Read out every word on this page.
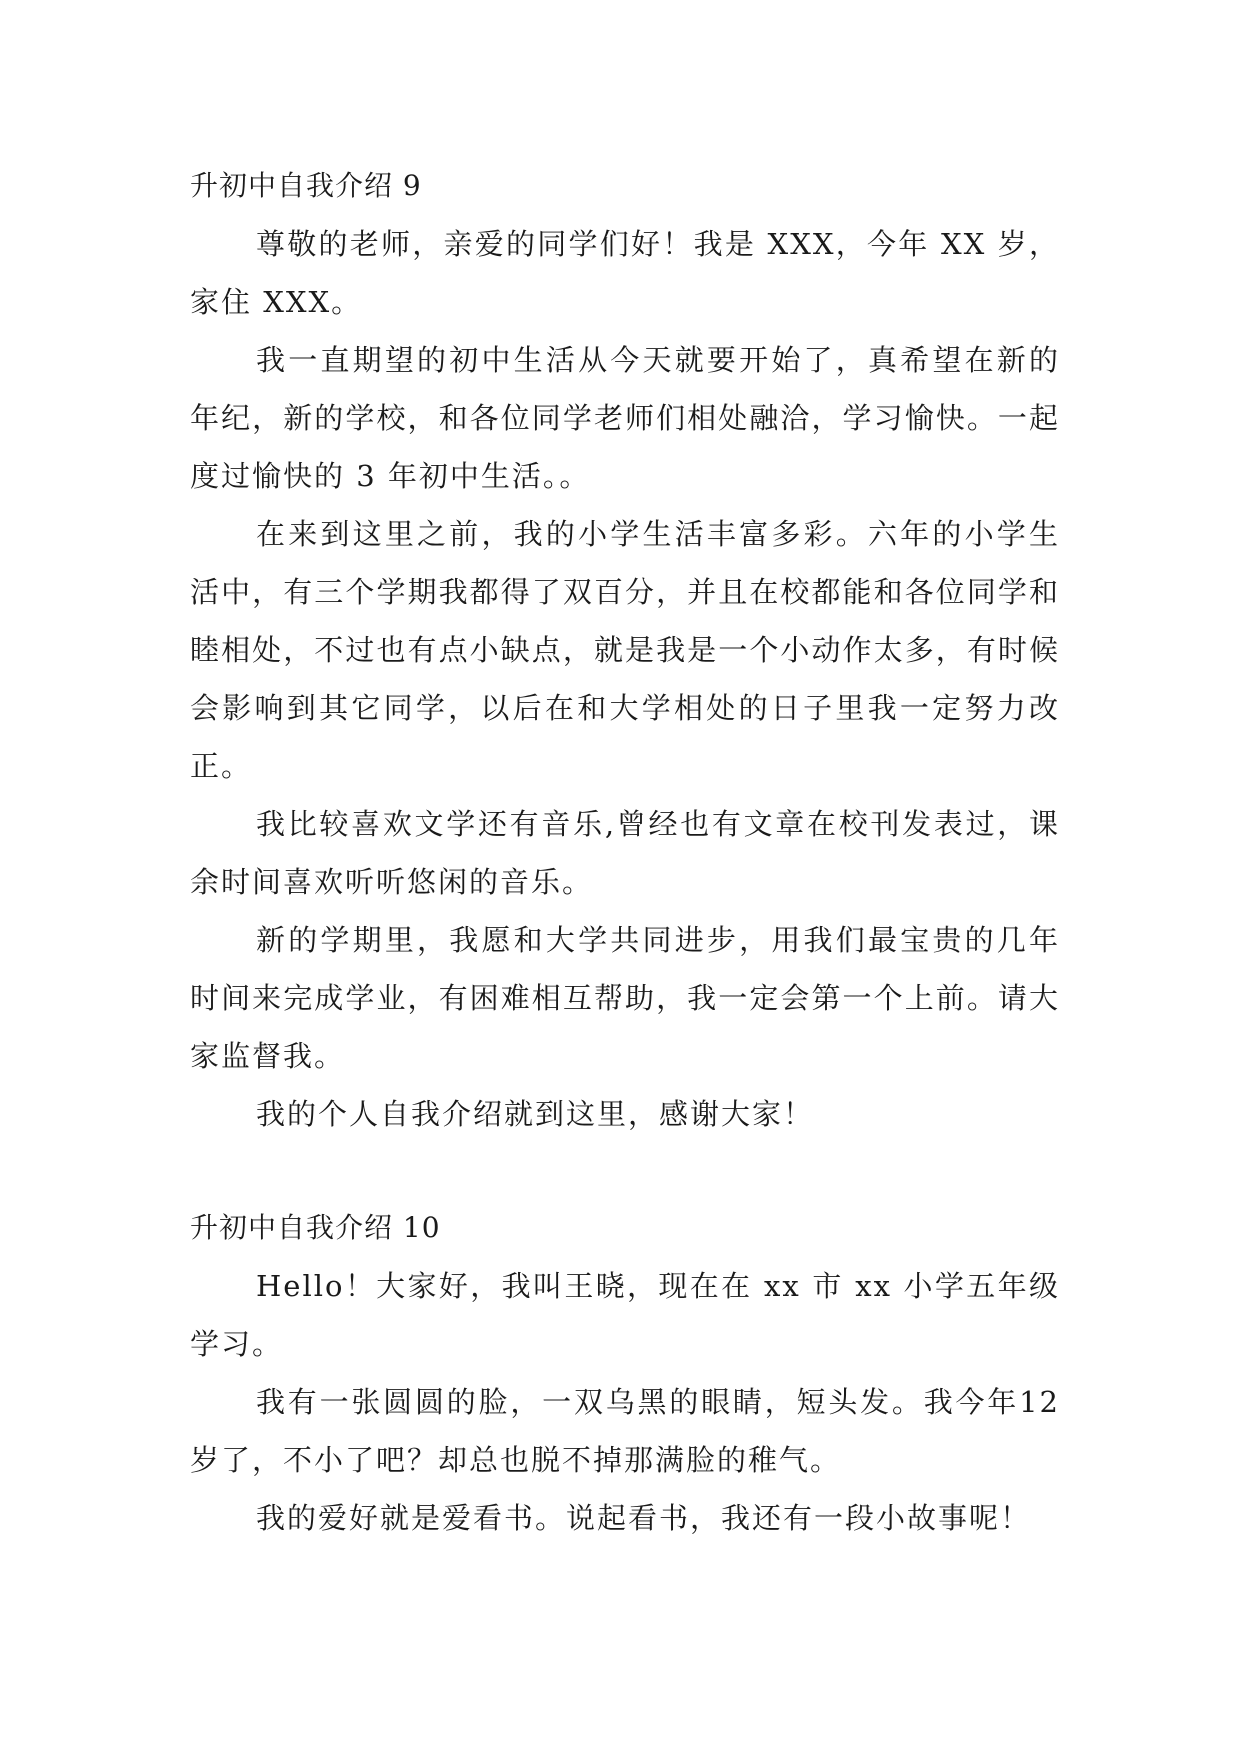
升初中自我介绍 9

尊敬的老师，亲爱的同学们好！我是 XXX，今年 XX 岁，家住 XXX。

我一直期望的初中生活从今天就要开始了，真希望在新的年纪，新的学校，和各位同学老师们相处融洽，学习愉快。一起度过愉快的 3 年初中生活。。

在来到这里之前，我的小学生活丰富多彩。六年的小学生活中，有三个学期我都得了双百分，并且在校都能和各位同学和睦相处，不过也有点小缺点，就是我是一个小动作太多，有时候会影响到其它同学，以后在和大学相处的日子里我一定努力改正。

我比较喜欢文学还有音乐,曾经也有文章在校刊发表过，课余时间喜欢听听悠闲的音乐。

新的学期里，我愿和大学共同进步，用我们最宝贵的几年时间来完成学业，有困难相互帮助，我一定会第一个上前。请大家监督我。

我的个人自我介绍就到这里，感谢大家！

升初中自我介绍 10

Hello！大家好，我叫王晓，现在在 xx 市 xx 小学五年级学习。

我有一张圆圆的脸，一双乌黑的眼睛，短头发。我今年12 岁了，不小了吧？却总也脱不掉那满脸的稚气。

我的爱好就是爱看书。说起看书，我还有一段小故事呢！
